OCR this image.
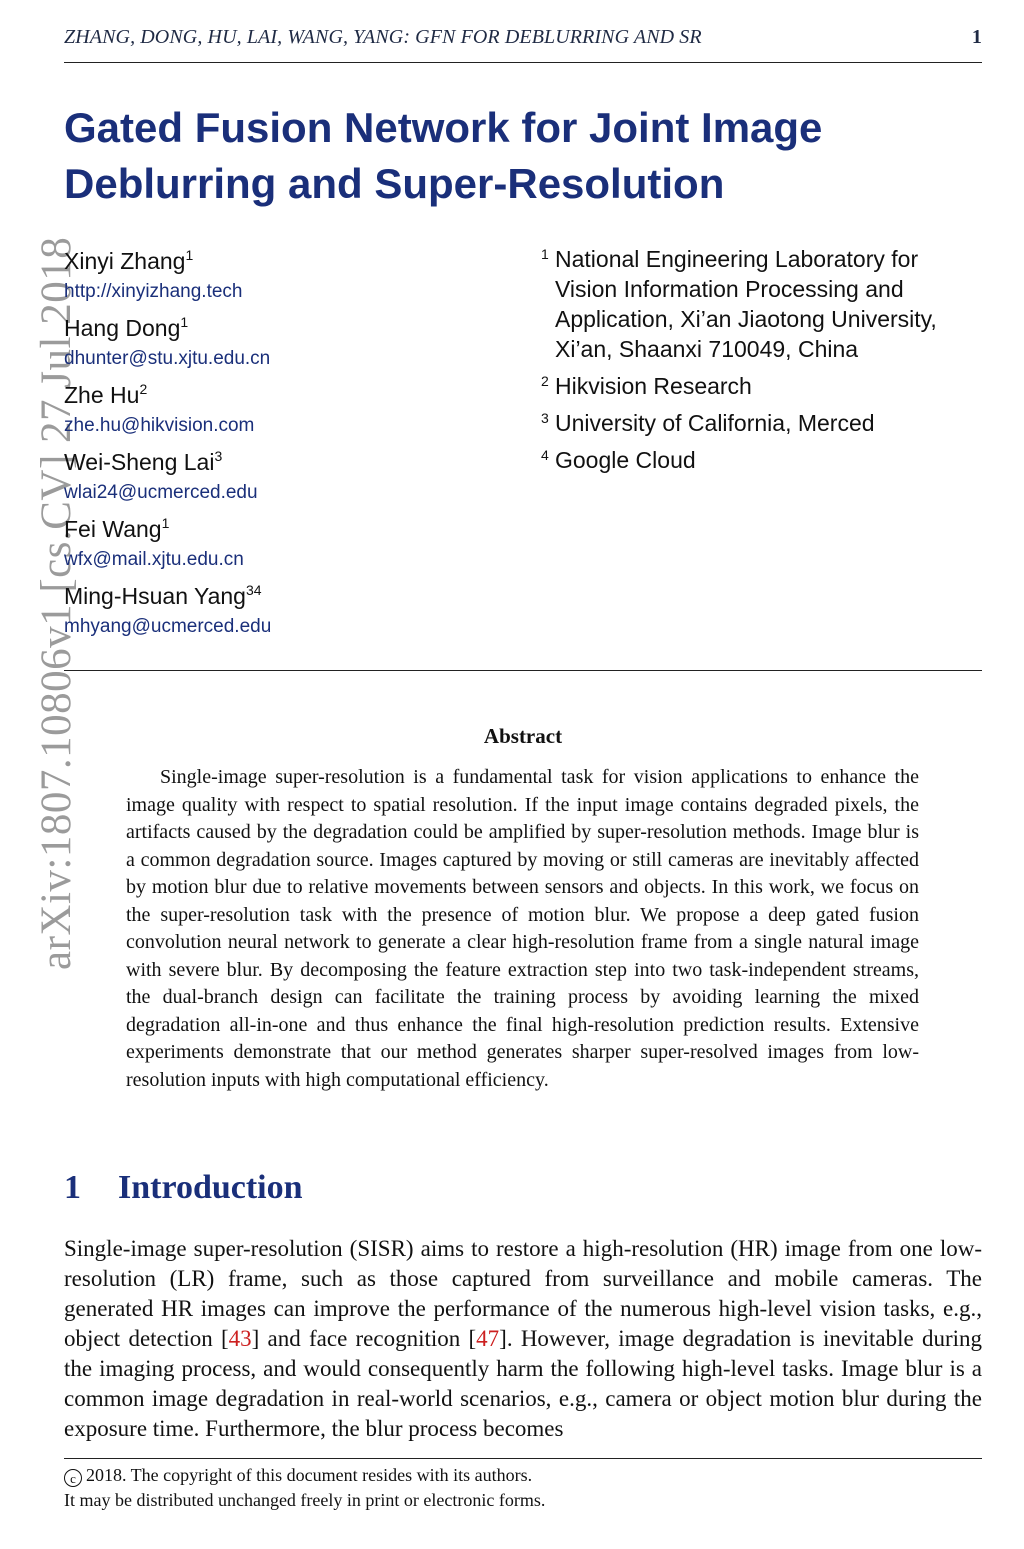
ZHANG, DONG, HU, LAI, WANG, YANG: GFN FOR DEBLURRING AND SR	1
arXiv:1807.10806v1 [cs.CV] 27 Jul 2018
Gated Fusion Network for Joint Image
Deblurring and Super-Resolution
Xinyi Zhang$^1$
http://xinyizhang.tech
Hang Dong$^1$
dhunter@stu.xjtu.edu.cn
Zhe Hu$^2$
zhe.hu@hikvision.com
Wei-Sheng Lai$^3$
wlai24@ucmerced.edu
Fei Wang$^1$
wfx@mail.xjtu.edu.cn
Ming-Hsuan Yang$^{34}$
mhyang@ucmerced.edu
1 National Engineering Laboratory for Vision Information Processing and Application, Xi’an Jiaotong University, Xi’an, Shaanxi 710049, China
2 Hikvision Research
3 University of California, Merced
4 Google Cloud
Abstract

Single-image super-resolution is a fundamental task for vision applications to enhance the image quality with respect to spatial resolution. If the input image contains degraded pixels, the artifacts caused by the degradation could be amplified by super-resolution methods. Image blur is a common degradation source. Images captured by moving or still cameras are inevitably affected by motion blur due to relative movements between sensors and objects. In this work, we focus on the super-resolution task with the presence of motion blur. We propose a deep gated fusion convolution neural network to generate a clear high-resolution frame from a single natural image with severe blur. By decomposing the feature extraction step into two task-independent streams, the dual-branch design can facilitate the training process by avoiding learning the mixed degradation all-in-one and thus enhance the final high-resolution prediction results. Extensive experiments demonstrate that our method generates sharper super-resolved images from low-resolution inputs with high computational efficiency.

1 Introduction

Single-image super-resolution (SISR) aims to restore a high-resolution (HR) image from one low-resolution (LR) frame, such as those captured from surveillance and mobile cameras. The generated HR images can improve the performance of the numerous high-level vision tasks, e.g., object detection [43] and face recognition [47]. However, image degradation is inevitable during the imaging process, and would consequently harm the following high-level tasks. Image blur is a common image degradation in real-world scenarios, e.g., camera or object motion blur during the exposure time. Furthermore, the blur process becomes

c 2018. The copyright of this document resides with its authors.
It may be distributed unchanged freely in print or electronic forms.
